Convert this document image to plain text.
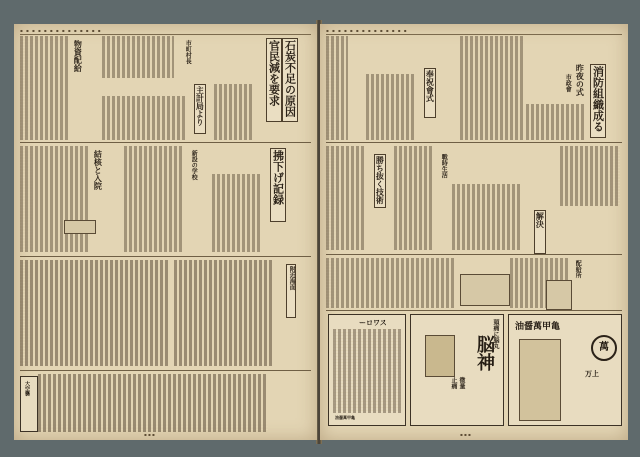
▪ ▪ ▪ ▪ ▪ ▪ ▪ ▪ ▪ ▪ ▪ ▪ ▪ ▪
石炭不足の原因
官民減を要求
物資配給	市町村長
主計局より
拂下げ記録
結核と入院	新設の学校
附近海面
大空襲
▪ ▪ ▪
▪ ▪ ▪ ▪ ▪ ▪ ▪ ▪ ▪ ▪ ▪ ▪ ▪ ▪
消防組織成る
昨夜の式
市政會
奉祝會式
勝ち抜く技術	戰時生活
解決
配給所
ーロワス
油醤萬甲亀
脳神
頭痛に脳丸
微量
止痛
油醤萬甲亀
萬
万上
▪ ▪ ▪
